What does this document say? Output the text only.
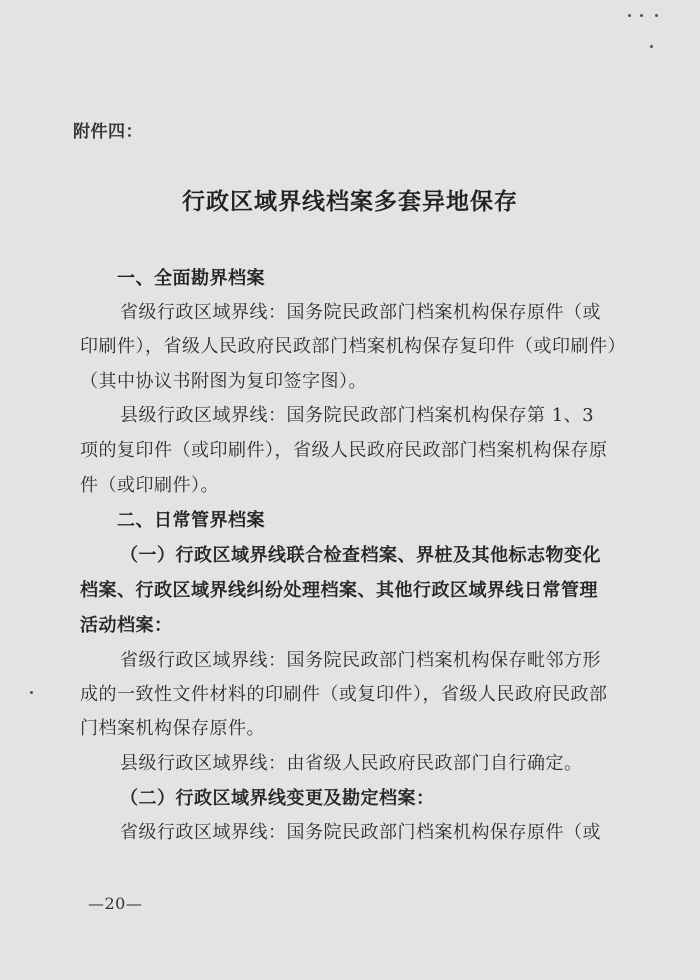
附件四：
行政区域界线档案多套异地保存
一、全面勘界档案
省级行政区域界线：国务院民政部门档案机构保存原件（或
印刷件），省级人民政府民政部门档案机构保存复印件（或印刷件）
（其中协议书附图为复印签字图）。
县级行政区域界线：国务院民政部门档案机构保存第 1、3
项的复印件（或印刷件），省级人民政府民政部门档案机构保存原
件（或印刷件）。
二、日常管界档案
（一）行政区域界线联合检查档案、界桩及其他标志物变化
档案、行政区域界线纠纷处理档案、其他行政区域界线日常管理
活动档案：
省级行政区域界线：国务院民政部门档案机构保存毗邻方形
成的一致性文件材料的印刷件（或复印件），省级人民政府民政部
门档案机构保存原件。
县级行政区域界线：由省级人民政府民政部门自行确定。
（二）行政区域界线变更及勘定档案：
省级行政区域界线：国务院民政部门档案机构保存原件（或
—20—
